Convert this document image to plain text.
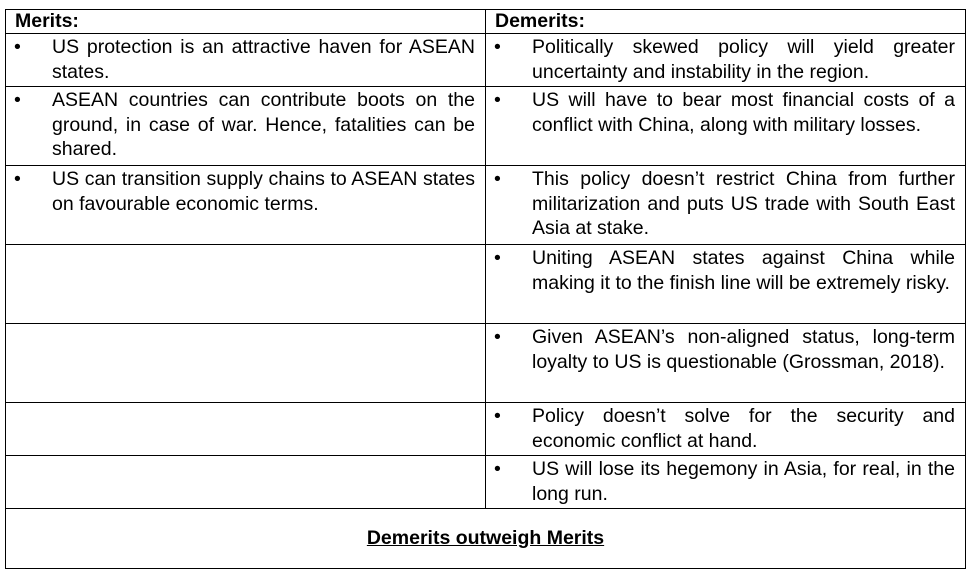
Merits:	Demerits:

• US protection is an attractive haven for ASEAN states.	• Politically skewed policy will yield greater uncertainty and instability in the region.

• ASEAN countries can contribute boots on the ground, in case of war. Hence, fatalities can be shared.	• US will have to bear most financial costs of a conflict with China, along with military losses.

• US can transition supply chains to ASEAN states on favourable economic terms.	• This policy doesn’t restrict China from further militarization and puts US trade with South East Asia at stake.

	• Uniting ASEAN states against China while making it to the finish line will be extremely risky.

	• Given ASEAN’s non-aligned status, long-term loyalty to US is questionable (Grossman, 2018).

	• Policy doesn’t solve for the security and economic conflict at hand.

	• US will lose its hegemony in Asia, for real, in the long run.

Demerits outweigh Merits	
